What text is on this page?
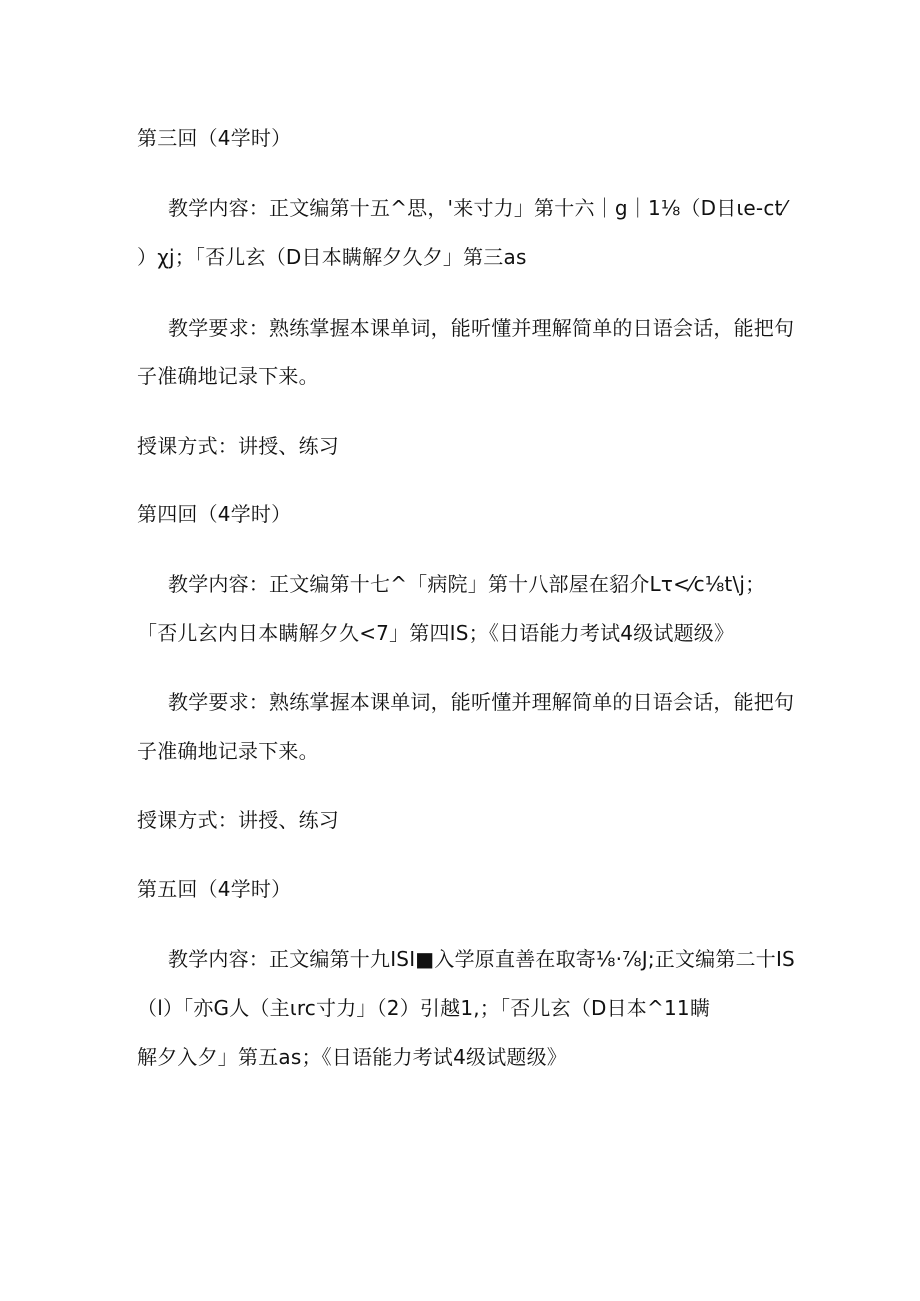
第三回（4学时）
教学内容：正文编第十五^思，'来寸力」第十六｜g｜1⅛（D日ιe-ct⁄
）χj；「否儿玄（D日本瞒解夕久夕」第三as
教学要求：熟练掌握本课单词，能听懂并理解简单的日语会话，能把句
子准确地记录下来。
授课方式：讲授、练习
第四回（4学时）
教学内容：正文编第十七^「病院」第十八部屋在貂介Lτ<⁄c⅛t\j；
「否儿玄内日本瞒解夕久<7」第四IS；《日语能力考试4级试题级》
教学要求：熟练掌握本课单词，能听懂并理解简单的日语会话，能把句
子准确地记录下来。
授课方式：讲授、练习
第五回（4学时）
教学内容：正文编第十九ISI■入学原直善在取寄⅛·⅞J;正文编第二十IS
（l）「亦G人（主ιrc寸力」（2）引越1,；「否儿玄（D日本^11瞒
解夕入夕」第五as；《日语能力考试4级试题级》
